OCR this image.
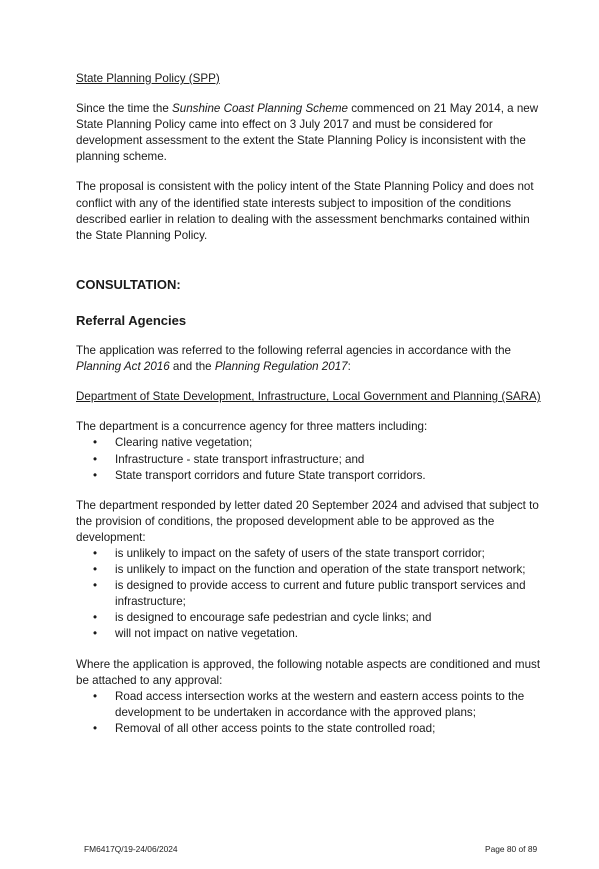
State Planning Policy (SPP)

Since the time the Sunshine Coast Planning Scheme commenced on 21 May 2014, a new State Planning Policy came into effect on 3 July 2017 and must be considered for development assessment to the extent the State Planning Policy is inconsistent with the planning scheme.

The proposal is consistent with the policy intent of the State Planning Policy and does not conflict with any of the identified state interests subject to imposition of the conditions described earlier in relation to dealing with the assessment benchmarks contained within the State Planning Policy.

CONSULTATION:

Referral Agencies

The application was referred to the following referral agencies in accordance with the Planning Act 2016 and the Planning Regulation 2017:

Department of State Development, Infrastructure, Local Government and Planning (SARA)

The department is a concurrence agency for three matters including:

• Clearing native vegetation;
• Infrastructure - state transport infrastructure; and
• State transport corridors and future State transport corridors.

The department responded by letter dated 20 September 2024 and advised that subject to the provision of conditions, the proposed development able to be approved as the development:

• is unlikely to impact on the safety of users of the state transport corridor;
• is unlikely to impact on the function and operation of the state transport network;
• is designed to provide access to current and future public transport services and infrastructure;
• is designed to encourage safe pedestrian and cycle links; and
• will not impact on native vegetation.

Where the application is approved, the following notable aspects are conditioned and must be attached to any approval:

• Road access intersection works at the western and eastern access points to the development to be undertaken in accordance with the approved plans;
• Removal of all other access points to the state controlled road;
FM6417Q/19-24/06/2024	Page 80 of 89
